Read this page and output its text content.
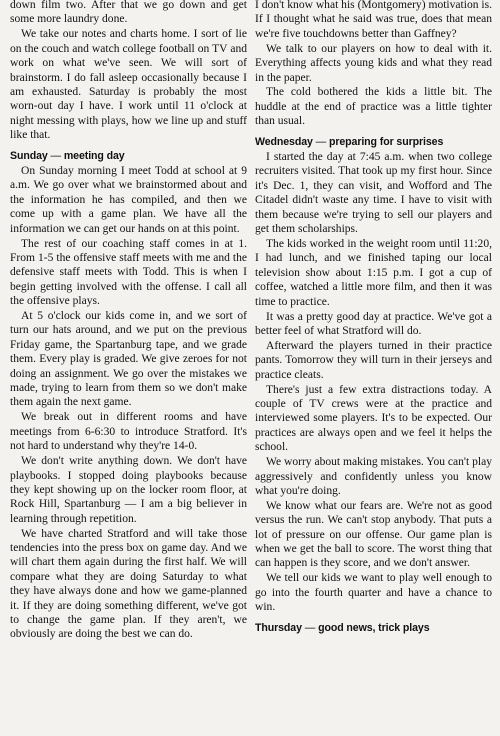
down film two. After that we go down and get some more laundry done.

We take our notes and charts home. I sort of lie on the couch and watch college football on TV and work on what we've seen. We will sort of brainstorm. I do fall asleep occasionally because I am exhausted. Saturday is probably the most worn-out day I have. I work until 11 o'clock at night messing with plays, how we line up and stuff like that.

Sunday — meeting day

On Sunday morning I meet Todd at school at 9 a.m. We go over what we brainstormed about and the information he has compiled, and then we come up with a game plan. We have all the information we can get our hands on at this point.

The rest of our coaching staff comes in at 1. From 1-5 the offensive staff meets with me and the defensive staff meets with Todd. This is when I begin getting involved with the offense. I call all the offensive plays.

At 5 o'clock our kids come in, and we sort of turn our hats around, and we put on the previous Friday game, the Spartanburg tape, and we grade them. Every play is graded. We give zeroes for not doing an assignment. We go over the mistakes we made, trying to learn from them so we don't make them again the next game.

We break out in different rooms and have meetings from 6-6:30 to introduce Stratford. It's not hard to understand why they're 14-0.

We don't write anything down. We don't have playbooks. I stopped doing playbooks because they kept showing up on the locker room floor, at Rock Hill, Spartanburg — I am a big believer in learning through repetition.

We have charted Stratford and will take those tendencies into the press box on game day. And we will chart them again during the first half. We will compare what they are doing Saturday to what they have always done and how we game-planned it. If they are doing something different, we've got to change the game plan. If they aren't, we obviously are doing the best we can do.

I don't know what his (Montgomery) motivation is. If I thought what he said was true, does that mean we're five touchdowns better than Gaffney?

We talk to our players on how to deal with it. Everything affects young kids and what they read in the paper.

The cold bothered the kids a little bit. The huddle at the end of practice was a little tighter than usual.

Wednesday — preparing for surprises

I started the day at 7:45 a.m. when two college recruiters visited. That took up my first hour. Since it's Dec. 1, they can visit, and Wofford and The Citadel didn't waste any time. I have to visit with them because we're trying to sell our players and get them scholarships.

The kids worked in the weight room until 11:20, I had lunch, and we finished taping our local television show about 1:15 p.m. I got a cup of coffee, watched a little more film, and then it was time to practice.

It was a pretty good day at practice. We've got a better feel of what Stratford will do.

Afterward the players turned in their practice pants. Tomorrow they will turn in their jerseys and practice cleats.

There's just a few extra distractions today. A couple of TV crews were at the practice and interviewed some players. It's to be expected. Our practices are always open and we feel it helps the school.

We worry about making mistakes. You can't play aggressively and confidently unless you know what you're doing.

We know what our fears are. We're not as good versus the run. We can't stop anybody. That puts a lot of pressure on our offense. Our game plan is when we get the ball to score. The worst thing that can happen is they score, and we don't answer.

We tell our kids we want to play well enough to go into the fourth quarter and have a chance to win.

Thursday — good news, trick plays
